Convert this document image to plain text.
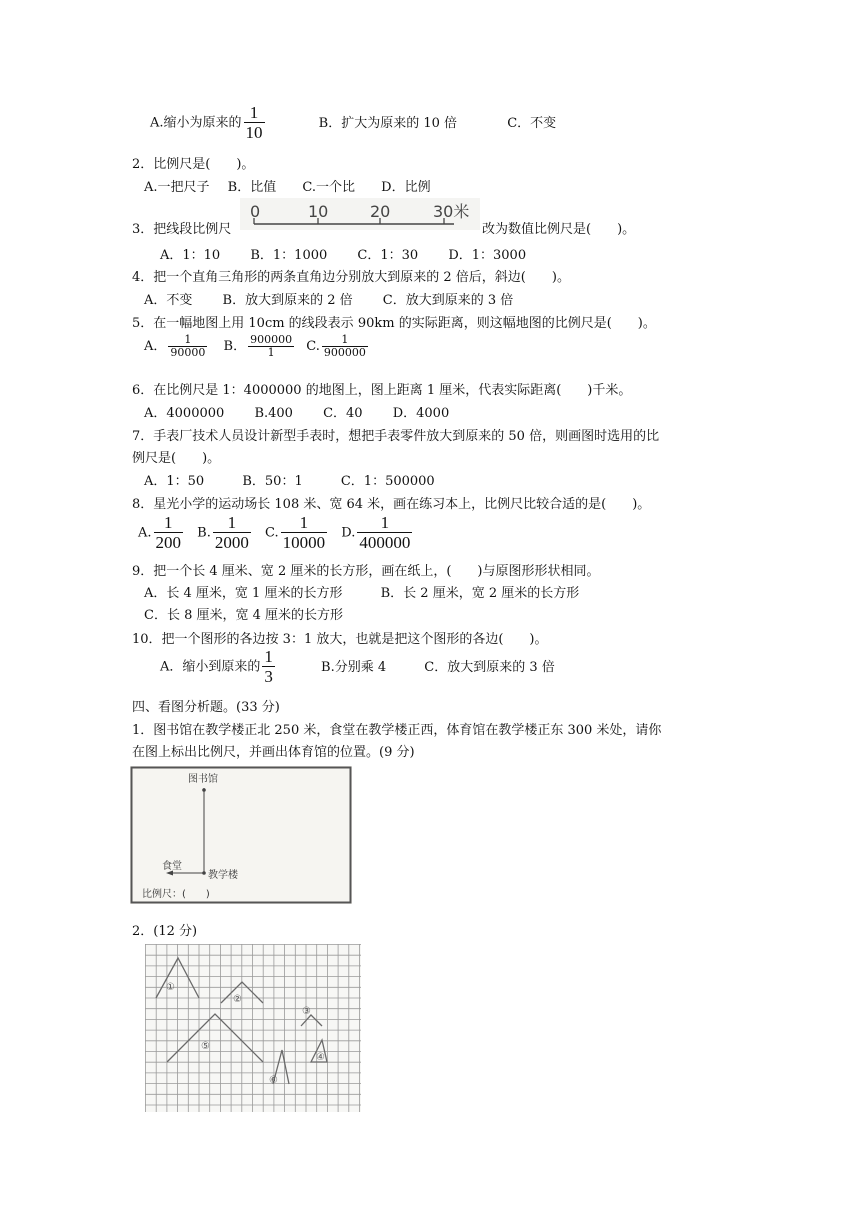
A.缩小为原来的 $\frac{1}{10}$	B．扩大为原来的 10 倍	C．不变
2．比例尺是(　　)。
A.一把尺子 B．比值 C.一个比 D．比例
3．把线段比例尺
0	10	20	30米
改为数值比例尺是(　　)。
A．1：10 B．1：1000 C．1：30 D．1：3000
4．把一个直角三角形的两条直角边分别放大到原来的 2 倍后，斜边(　　)。
A．不变 B．放大到原来的 2 倍 C．放大到原来的 3 倍
5．在一幅地图上用 10cm 的线段表示 90km 的实际距离，则这幅地图的比例尺是(　　)。
A． $\frac{1}{90000}$ B． $\frac{900000}{1} C$. $\frac{1}{900000}$
6．在比例尺是 1：4000000 的地图上，图上距离 1 厘米，代表实际距离(　　)千米。
A．4000000 B.400 C．40 D．4000
7．手表厂技术人员设计新型手表时，想把手表零件放大到原来的 50 倍，则画图时选用的比
例尺是(　　)。
A．1：50	B．50：1	C．1：500000
8．星光小学的运动场长 108 米、宽 64 米，画在练习本上，比例尺比较合适的是(　　)。
A. $\frac{1}{200} B$. $\frac{1}{2000} C$. $\frac{1}{10000} D$. $\frac{1}{400000}$
9．把一个长 4 厘米、宽 2 厘米的长方形，画在纸上，(　　)与原图形形状相同。
A．长 4 厘米，宽 1 厘米的长方形	B．长 2 厘米，宽 2 厘米的长方形
C．长 8 厘米，宽 4 厘米的长方形
10．把一个图形的各边按 3：1 放大，也就是把这个图形的各边(　　)。
A．缩小到原来的 $\frac{1}{3}$	B.分别乘 4	C．放大到原来的 3 倍
四、看图分析题。(33 分)
1．图书馆在教学楼正北 250 米，食堂在教学楼正西，体育馆在教学楼正东 300 米处，请你
在图上标出比例尺，并画出体育馆的位置。(9 分)
图书馆
食堂
教学楼
比例尺：(　　)
2．(12 分)
①
②
③
④
⑤
⑥
